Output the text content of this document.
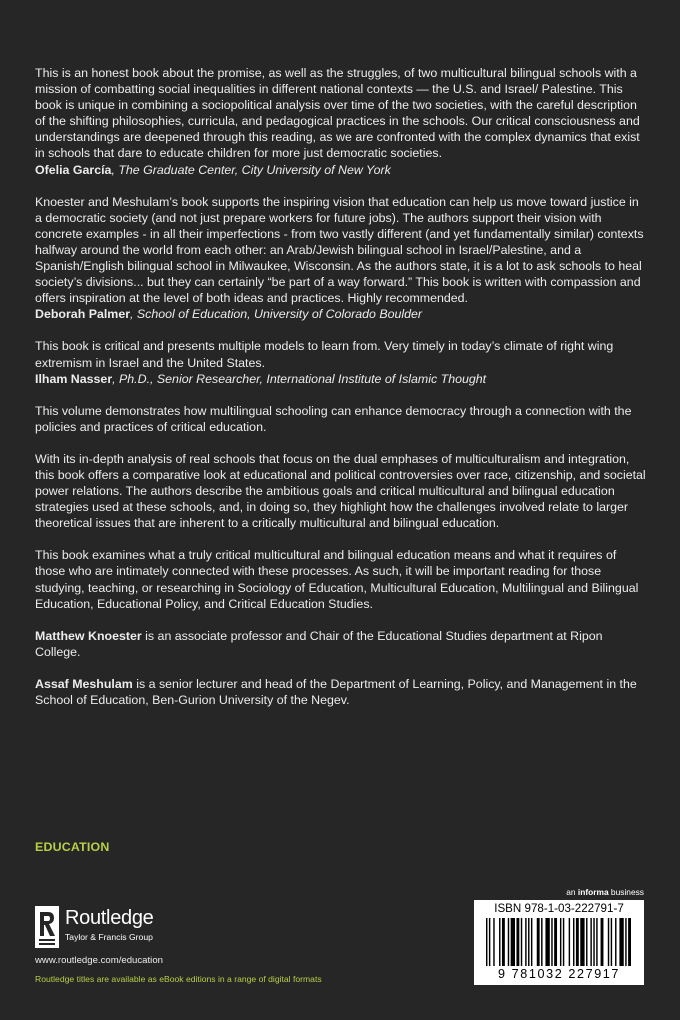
This is an honest book about the promise, as well as the struggles, of two multicultural bilingual schools with a mission of combatting social inequalities in different national contexts — the U.S. and Israel/ Palestine. This book is unique in combining a sociopolitical analysis over time of the two societies, with the careful description of the shifting philosophies, curricula, and pedagogical practices in the schools. Our critical consciousness and understandings are deepened through this reading, as we are confronted with the complex dynamics that exist in schools that dare to educate children for more just democratic societies.

Ofelia García, The Graduate Center, City University of New York

Knoester and Meshulam’s book supports the inspiring vision that education can help us move toward justice in a democratic society (and not just prepare workers for future jobs). The authors support their vision with concrete examples - in all their imperfections - from two vastly different (and yet fundamentally similar) contexts halfway around the world from each other: an Arab/Jewish bilingual school in Israel/Palestine, and a Spanish/English bilingual school in Milwaukee, Wisconsin. As the authors state, it is a lot to ask schools to heal society’s divisions... but they can certainly “be part of a way forward.” This book is written with compassion and offers inspiration at the level of both ideas and practices. Highly recommended.

Deborah Palmer, School of Education, University of Colorado Boulder

This book is critical and presents multiple models to learn from. Very timely in today’s climate of right wing extremism in Israel and the United States.

Ilham Nasser, Ph.D., Senior Researcher, International Institute of Islamic Thought

This volume demonstrates how multilingual schooling can enhance democracy through a connection with the policies and practices of critical education.

With its in-depth analysis of real schools that focus on the dual emphases of multiculturalism and integration, this book offers a comparative look at educational and political controversies over race, citizenship, and societal power relations. The authors describe the ambitious goals and critical multicultural and bilingual education strategies used at these schools, and, in doing so, they highlight how the challenges involved relate to larger theoretical issues that are inherent to a critically multicultural and bilingual education.

This book examines what a truly critical multicultural and bilingual education means and what it requires of those who are intimately connected with these processes. As such, it will be important reading for those studying, teaching, or researching in Sociology of Education, Multicultural Education, Multilingual and Bilingual Education, Educational Policy, and Critical Education Studies.

Matthew Knoester is an associate professor and Chair of the Educational Studies department at Ripon College.

Assaf Meshulam is a senior lecturer and head of the Department of Learning, Policy, and Management in the School of Education, Ben-Gurion University of the Negev.

EDUCATION
Routledge
Taylor & Francis Group
www.routledge.com/education
Routledge titles are available as eBook editions in a range of digital formats
an informa business
ISBN 978-1-03-222791-7
9 781032 227917
